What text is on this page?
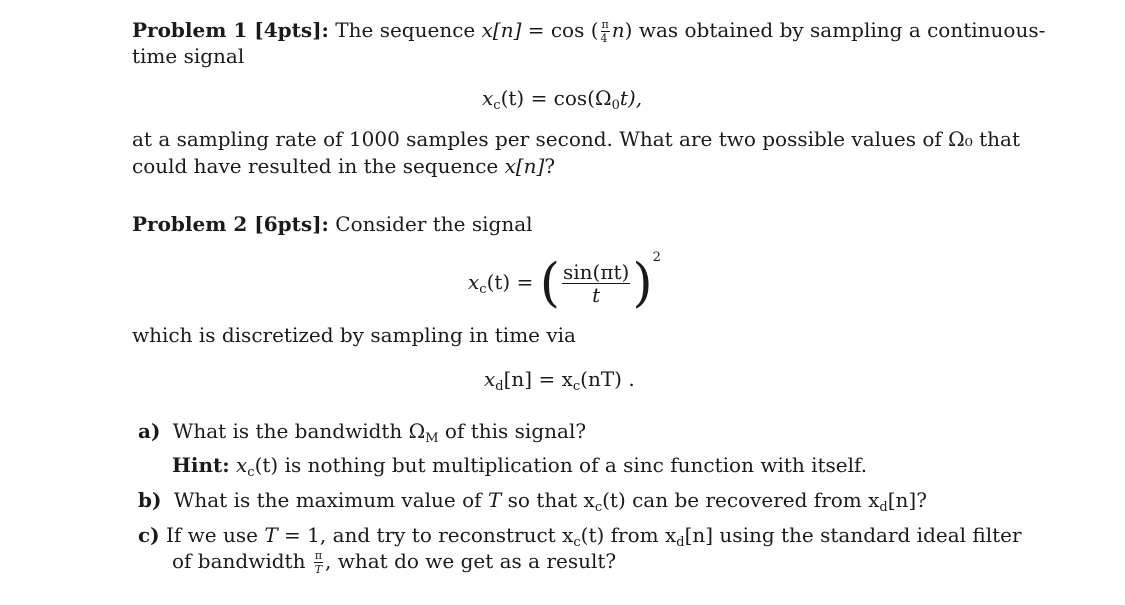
Problem 1 [4pts]: The sequence x[n] = cos ( $\frac{\pi}{4} n$) was obtained by sampling a continuous-
time signal
$x_c(t) = \cos(\Omega_0t)$,
at a sampling rate of 1000 samples per second. What are two possible values of Ω₀ that
could have resulted in the sequence x[n]?
Problem 2 [6pts]: Consider the signal
$x_c(t)$ = ( $\frac{\sin(\pi t)}{t} )^2$
which is discretized by sampling in time via
$x_d[n] = x_c(nT)$ .
a) What is the bandwidth $\Omega_M$ of this signal?
Hint: $x_c(t)$ is nothing but multiplication of a sinc function with itself.
b) What is the maximum value of T so that $x_c(t)$ can be recovered from $x_d[n]$?
c) If we use T = 1, and try to reconstruct $x_c(t)$ from $x_d[n]$ using the standard ideal filter
of bandwidth $\frac{\pi}{T}$ , what do we get as a result?
